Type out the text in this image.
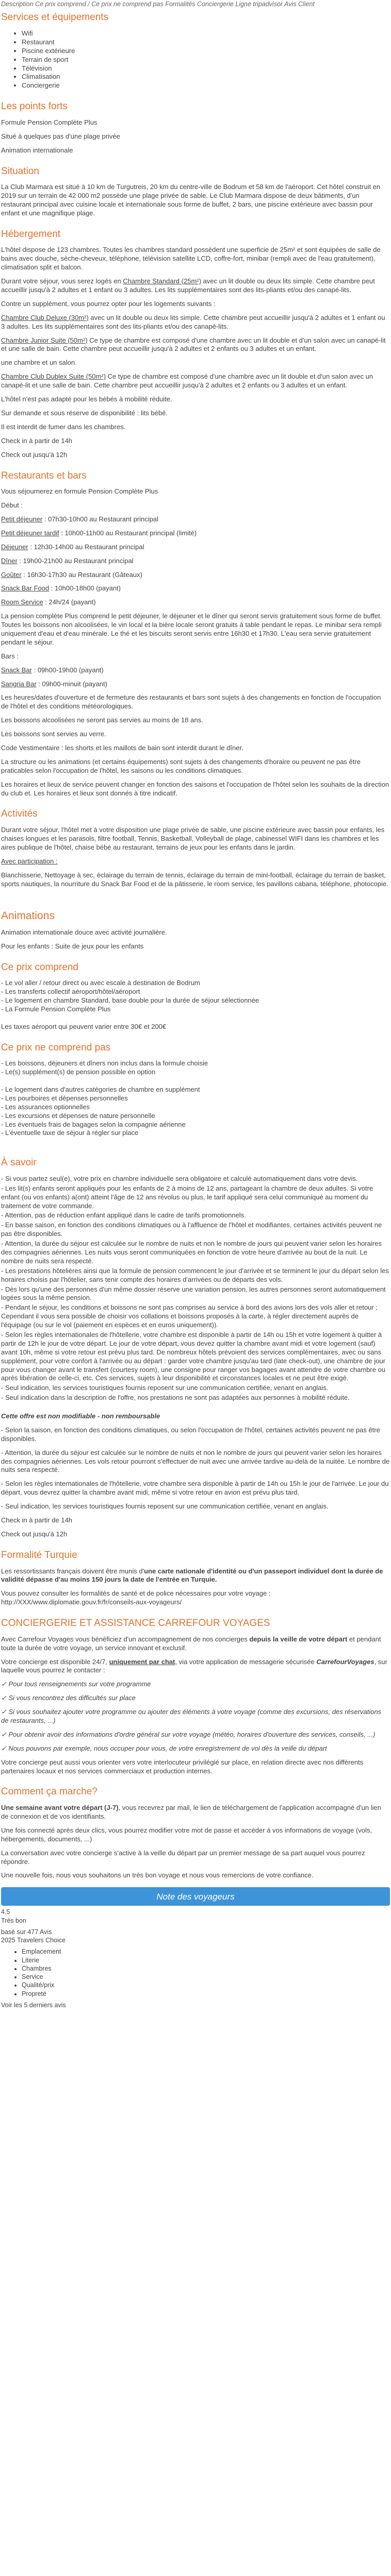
Description Ce prix comprend / Ce prix ne comprend pas Formalités Conciergerie Ligne tripadvisor Avis Client

Services et équipements
• Wifi
• Restaurant
• Piscine extérieure
• Terrain de sport
• Télévision
• Climatisation
• Conciergerie
Les points forts

Formule Pension Complète Plus

Situé à quelques pas d'une plage privée

Animation internationale

Situation

La Club Marmara est situé à 10 km de Turgutreis, 20 km du centre-ville de Bodrum et 58 km de l'aéroport. Cet hôtel construit en 2019 sur un terrain de 42 000 m2 possède une plage privée de sable. Le Club Marmara dispose de deux bâtiments, d'un restaurant principal avec cuisine locale et internationale sous forme de buffet, 2 bars, une piscine extérieure avec bassin pour enfant et une magnifique plage.

Hébergement

L'hôtel dispose de 123 chambres. Toutes les chambres standard possèdent une superficie de 25m² et sont équipées de salle de bains avec douche, sèche-cheveux, téléphone, télévision satellite LCD, coffre-fort, minibar (rempli avec de l'eau gratuitement), climatisation split et balcon.

Durant votre séjour, vous serez logés en Chambre Standard (25m²) avec un lit double ou deux lits simple. Cette chambre peut accueillir jusqu'à 2 adultes et 1 enfant ou 3 adultes. Les lits supplémentaires sont des lits-pliants et/ou des canapé-lits.

Contre un supplément, vous pourrez opter pour les logements suivants :

Chambre Club Deluxe (30m²) avec un lit double ou deux lits simple. Cette chambre peut accueillir jusqu'à 2 adultes et 1 enfant ou 3 adultes. Les lits supplémentaires sont des lits-pliants et/ou des canapé-lits.

Chambre Junior Suite (50m²) Ce type de chambre est composé d'une chambre avec un lit double et d'un salon avec un canapé-lit et une salle de bain. Cette chambre peut accueillir jusqu'à 2 adultes et 2 enfants ou 3 adultes et un enfant.

une chambre et un salon.

Chambre Club Dublex Suite (50m²) Ce type de chambre est composé d'une chambre avec un lit double et d'un salon avec un canapé-lit et une salle de bain. Cette chambre peut accueillir jusqu'à 2 adultes et 2 enfants ou 3 adultes et un enfant.

L'hôtel n'est pas adapté pour les bébés à mobilité réduite.

Sur demande et sous réserve de disponibilité : lits bébé.

Il est interdit de fumer dans les chambres.

Check in à partir de 14h

Check out jusqu'à 12h

Restaurants et bars

Vous séjournerez en formule Pension Complète Plus

Début :

Petit déjeuner : 07h30-10h00 au Restaurant principal

Petit déjeuner tardif : 10h00-11h00 au Restaurant principal (limité)

Déjeuner : 12h30-14h00 au Restaurant principal

Dîner : 19h00-21h00 au Restaurant principal

Goûter : 16h30-17h30 au Restaurant (Gâteaux)

Snack Bar Food : 10h00-18h00 (payant)

Room Service : 24h/24 (payant)

La pension complète Plus comprend le petit déjeuner, le déjeuner et le dîner qui seront servis gratuitement sous forme de buffet. Toutes les boissons non alcoolisées, le vin local et la bière locale seront gratuits à table pendant le repas. Le minibar sera rempli uniquement d'eau et d'eau minérale. Le thé et les biscuits seront servis entre 16h30 et 17h30. L'eau sera servie gratuitement pendant le séjour.

Bars :

Snack Bar : 09h00-19h00 (payant)

Sangria Bar : 09h00-minuit (payant)

Les heures/dates d'ouverture et de fermeture des restaurants et bars sont sujets à des changements en fonction de l'occupation de l'hôtel et des conditions météorologiques.

Les boissons alcoolisées ne seront pas servies au moins de 18 ans.

Les boissons sont servies au verre.

Code Vestimentaire : les shorts et les maillots de bain sont interdit durant le dîner.

La structure ou les animations (et certains équipements) sont sujets à des changements d'horaire ou peuvent ne pas être praticables selon l'occupation de l'hôtel, les saisons ou les conditions climatiques.

Les horaires et lieux de service peuvent changer en fonction des saisons et l'occupation de l'hôtel selon les souhaits de la direction du club et. Les horaires et lieux sont donnés à titre indicatif.

Activités

Durant votre séjour, l'hôtel met à votre disposition une plage privée de sable, une piscine extérieure avec bassin pour enfants, les chaises longues et les parasols, filtre football, Tennis, Basketball, Volleyball de plage, cabinessel WIFI dans les chambres et les aires publique de l'hôtel, chaise bébé au restaurant, terrains de jeux pour les enfants dans le jardin.

Avec participation :

Blanchisserie, Nettoyage à sec, éclairage du terrain de tennis, éclairage du terrain de mini-football, éclairage du terrain de basket, sports nautiques, la nourriture du Snack Bar Food et de la pâtisserie, le room service, les pavillons cabana, téléphone, photocopie.

Animations

Animation internationale douce avec activité journalière.

Pour les enfants : Suite de jeux pour les enfants

Ce prix comprend

- Le vol aller / retour direct ou avec escale à destination de Bodrum

- Les transferts collectif aéroport/hôtel/aéroport

- Le logement en chambre Standard, base double pour la durée de séjour sélectionnée

- La Formule Pension Complète Plus

Les taxes aéroport qui peuvent varier entre 30€ et 200€

Ce prix ne comprend pas

- Les boissons, déjeuners et dîners non inclus dans la formule choisie

- Le(s) supplément(s) de pension possible en option

- Le logement dans d'autres catégories de chambre en supplément

- Les pourboires et dépenses personnelles

- Les assurances optionnelles

- Les excursions et dépenses de nature personnelle

- Les éventuels frais de bagages selon la compagnie aérienne

- L'éventuelle taxe de séjour à régler sur place

À savoir

- Si vous partez seul(e), votre prix en chambre individuelle sera obligatoire et calculé automatiquement dans votre devis.

- Les lit(s) enfants seront appliqués pour les enfants de 2 à moins de 12 ans, partageant la chambre de deux adultes. Si votre enfant (ou vos enfants) a(ont) atteint l'âge de 12 ans révolus ou plus, le tarif appliqué sera celui communiqué au moment du traitement de votre commande.

- Attention, pas de réduction enfant appliqué dans le cadre de tarifs promotionnels.

- En basse saison, en fonction des conditions climatiques ou à l'affluence de l'hôtel et modifiantes, certaines activités peuvent ne pas être disponibles.

- Attention, la durée du séjour est calculée sur le nombre de nuits et non le nombre de jours qui peuvent varier selon les horaires des compagnies aériennes. Les nuits vous seront communiquées en fonction de votre heure d'arrivée au bout de la nuit. Le nombre de nuits sera respecté.

- Les prestations hôtelières ainsi que la formule de pension commencent le jour d'arrivée et se terminent le jour du départ selon les horaires choisis par l'hôtelier, sans tenir compte des horaires d'arrivées ou de départs des vols.

- Dès lors qu'une des personnes d'un même dossier réserve une variation pension, les autres personnes seront automatiquement logées sous la même pension.

- Pendant le séjour, les conditions et boissons ne sont pas comprises au service à bord des avions lors des vols aller et retour ; Cependant il vous sera possible de choisir vos collations et boissons proposés à la carte, à régler directement auprès de l'équipage (ou sur le vol (paiement en espèces et en euros uniquement)).

- Selon les règles internationales de l'hôtellerie, votre chambre est disponible à partir de 14h ou 15h et votre logement à quitter à partir de 12h le jour de votre départ. Le jour de votre départ, vous devez quitter la chambre avant midi et votre logement (sauf) avant 10h, même si votre retour est prévu plus tard. De nombreux hôtels prévoient des services complémentaires, avec ou sans supplément, pour votre confort à l'arrivée ou au départ : garder votre chambre jusqu'au tard (late check-out), une chambre de jour pour vous changer avant le transfert (courtesy room), une consigne pour ranger vos bagages avant attendre de votre chambre ou après libération de celle-ci, etc. Ces services, sujets à leur disponibilité et circonstances locales et ne peut être exigé.

- Seul indication, les services touristiques fournis reposent sur une communication certifiée, venant en anglais.

- Seul indication dans la description de l'offre, nos prestations ne sont pas adaptées aux personnes à mobilité réduite.

Cette offre est non modifiable - non remboursable

- Selon la saison, en fonction des conditions climatiques, ou selon l'occupation de l'hôtel, certaines activités peuvent ne pas être disponibles.

- Attention, la durée du séjour est calculée sur le nombre de nuits et non le nombre de jours qui peuvent varier selon les horaires des compagnies aériennes. Les vols retour pourront s'effectuer de nuit avec une arrivée tardive au-delà de la nuitée. Le nombre de nuits sera respecté.

- Selon les règles internationales de l'hôtellerie, votre chambre sera disponible à partir de 14h ou 15h le jour de l'arrivée. Le jour du départ, vous devrez quitter la chambre avant midi, même si votre retour en avion est prévu plus tard.

- Seul indication, les services touristiques fournis reposent sur une communication certifiée, venant en anglais.

Check in à partir de 14h

Check out jusqu'à 12h

Formalité Turquie

Les ressortissants français doivent être munis d'une carte nationale d'identité ou d'un passeport individuel dont la durée de validité dépasse d'au moins 150 jours la date de l'entrée en Turquie.

Vous pouvez consulter les formalités de santé et de police nécessaires pour votre voyage : http://XXX/www.diplomatie.gouv.fr/fr/conseils-aux-voyageurs/

CONCIERGERIE ET ASSISTANCE CARREFOUR VOYAGES

Avec Carrefour Voyages vous bénéficiez d'un accompagnement de nos concierges depuis la veille de votre départ et pendant toute la durée de votre voyage, un service innovant et exclusif.

Votre concierge est disponible 24/7, uniquement par chat, via votre application de messagerie sécurisée CarrefourVoyages, sur laquelle vous pourrez le contacter :

✓ Pour tous renseignements sur votre programme

✓ Si vous rencontrez des difficultés sur place

✓ Si vous souhaitez ajouter votre programme ou ajouter des éléments à votre voyage (comme des excursions, des réservations de restaurants, ...)

✓ Pour obtenir avoir des informations d'ordre général sur votre voyage (météo, horaires d'ouverture des services, conseils, ...)

✓ Nous pouvons par exemple, nous occuper pour vous, de votre enregistrement de vol dès la veille du départ

Votre concierge peut aussi vous orienter vers votre interlocuteur privilégié sur place, en relation directe avec nos différents partenaires locaux et nos services commerciaux et production internes.

Comment ça marche?

Une semaine avant votre départ (J-7), vous recevrez par mail, le lien de téléchargement de l'application accompagné d'un lien de connexion et de vos identifiants.

Une fois connecté après deux clics, vous pourrez modifier votre mot de passe et accéder à vos informations de voyage (vols, hébergements, documents, ...)

La conversation avec votre concierge s'active à la veille du départ par un premier message de sa part auquel vous pourrez répondre.

Une nouvelle fois, nous vous souhaitons un très bon voyage et nous vous remercions de votre confiance.

Note des voyageurs

4.5

Très bon

basé sur 477 Avis

2025 Travelers Choice

• Emplacement
• Literie
• Chambres
• Service
• Qualité/prix
• Propreté

Voir les 5 derniers avis
